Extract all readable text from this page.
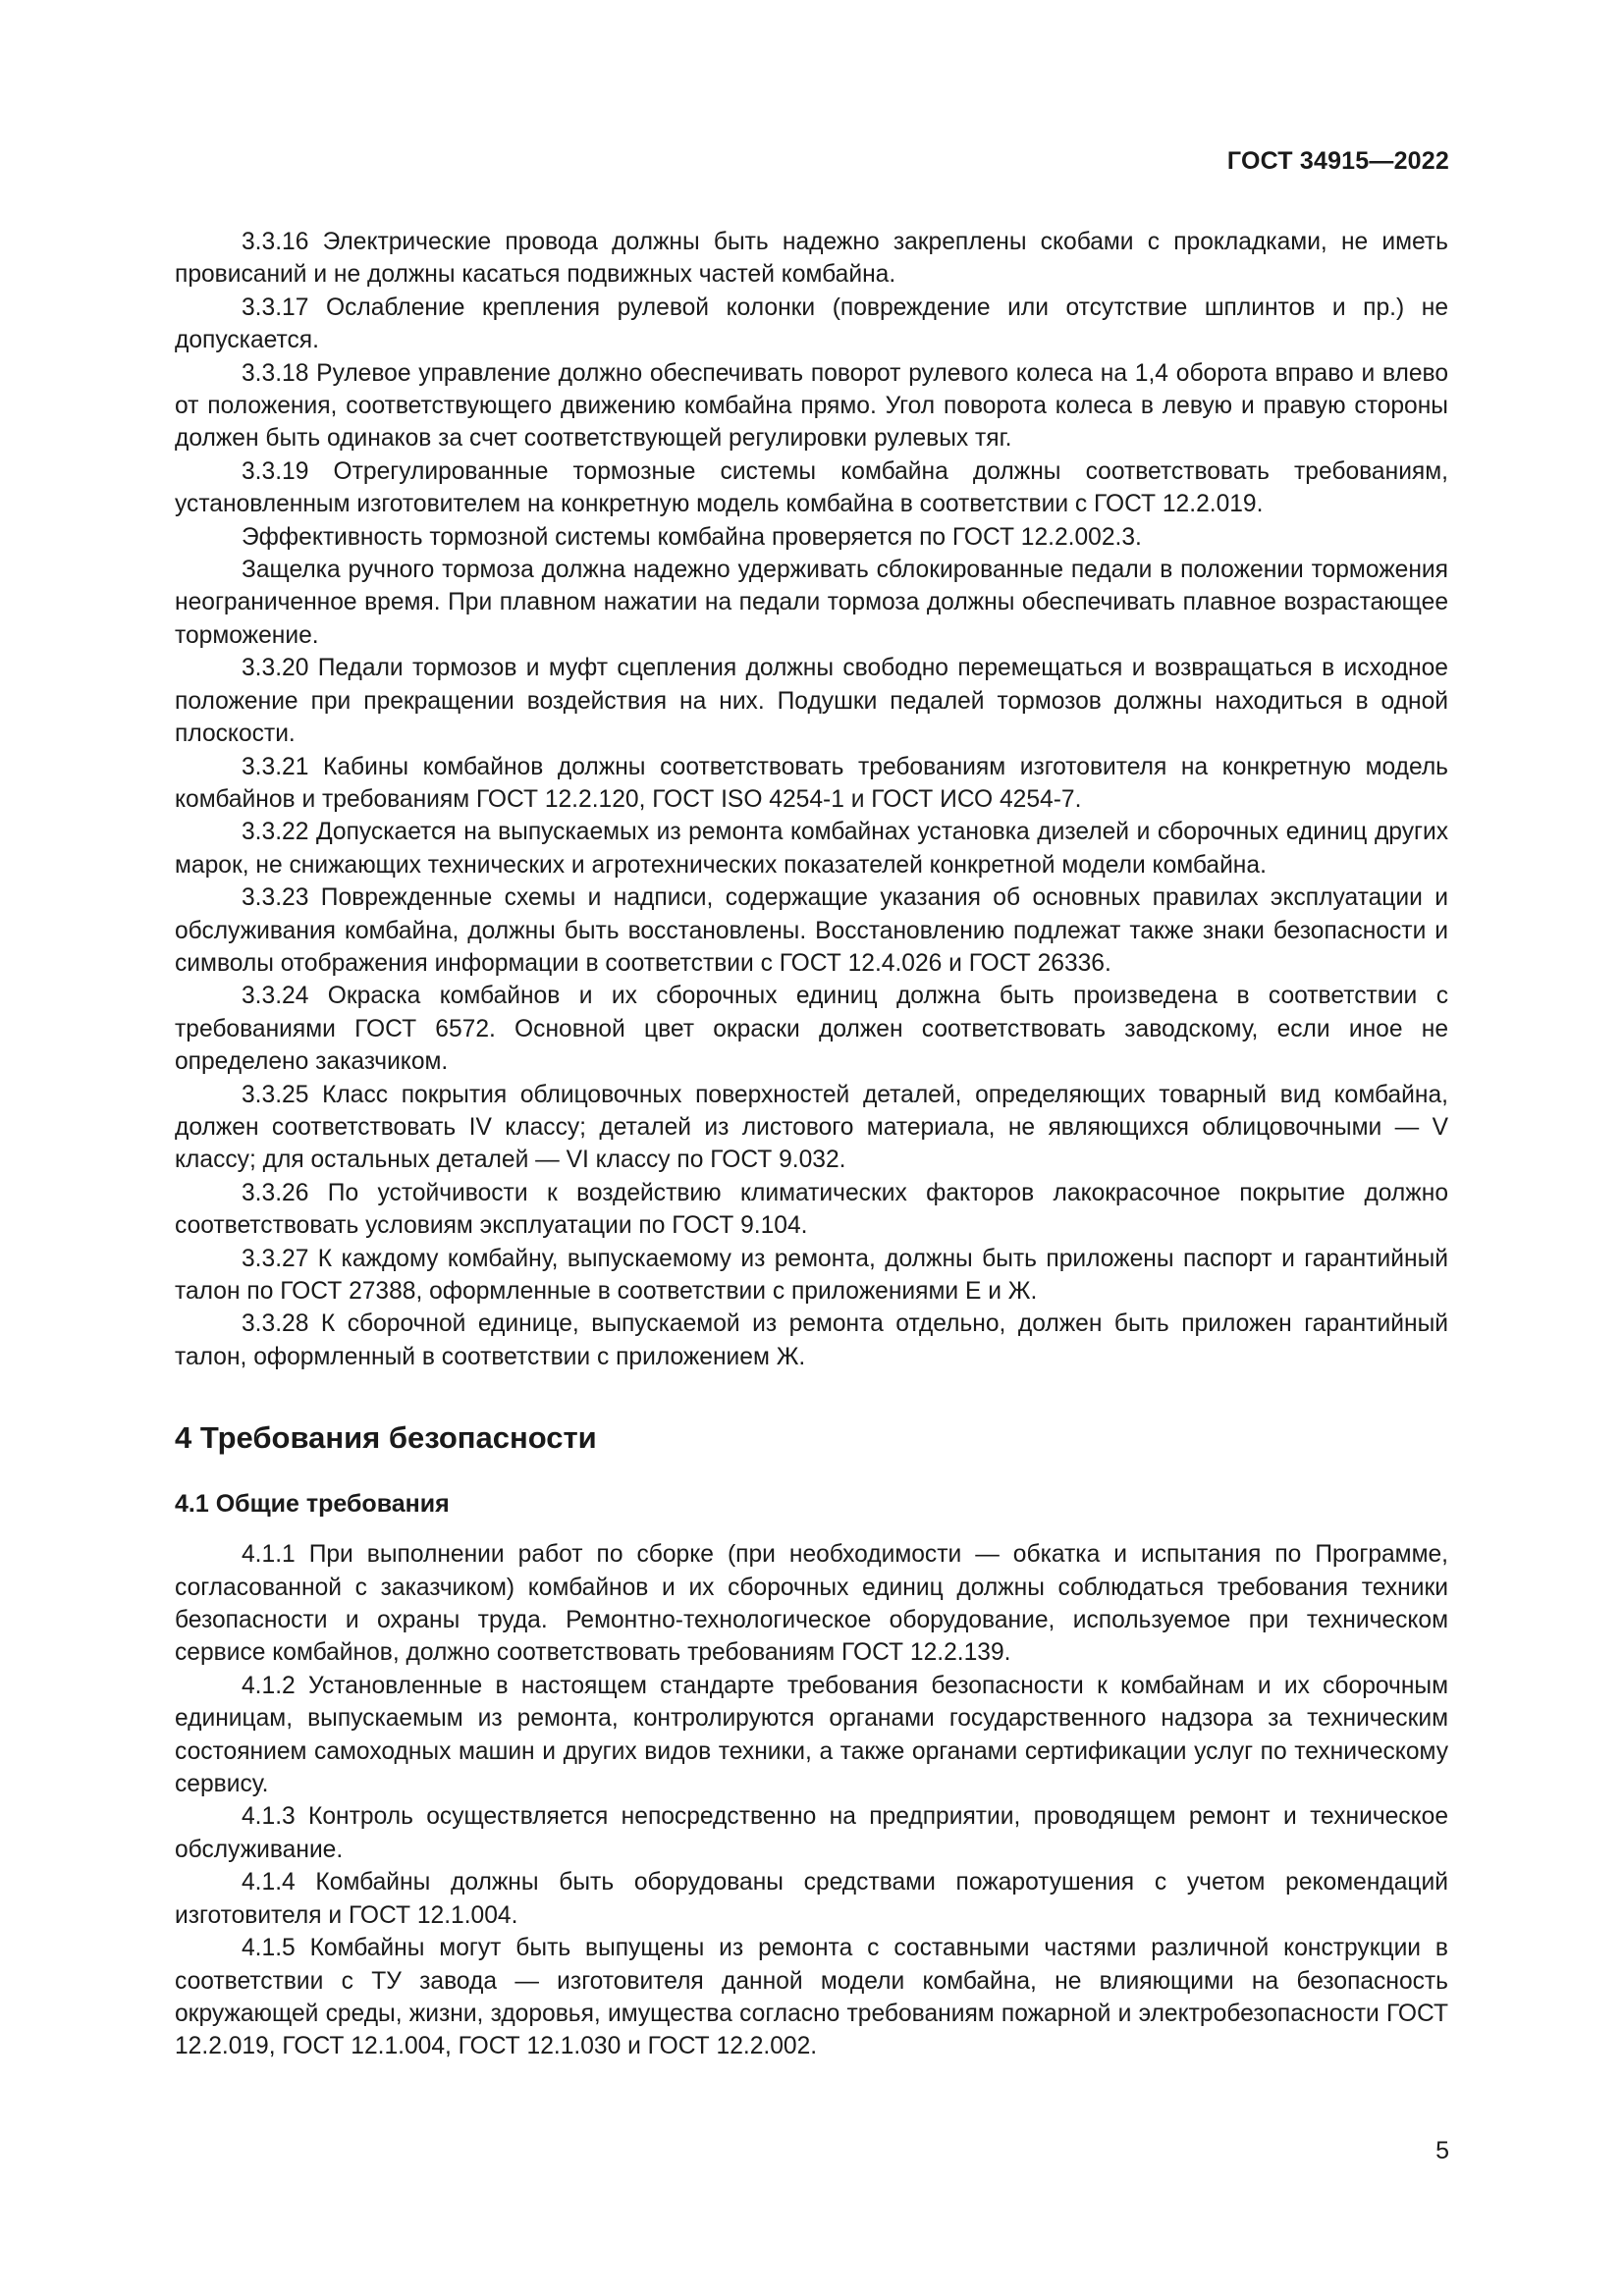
ГОСТ 34915—2022

3.3.16 Электрические провода должны быть надежно закреплены скобами с прокладками, не иметь провисаний и не должны касаться подвижных частей комбайна.

3.3.17 Ослабление крепления рулевой колонки (повреждение или отсутствие шплинтов и пр.) не допускается.

3.3.18 Рулевое управление должно обеспечивать поворот рулевого колеса на 1,4 оборота вправо и влево от положения, соответствующего движению комбайна прямо. Угол поворота колеса в левую и правую стороны должен быть одинаков за счет соответствующей регулировки рулевых тяг.

3.3.19 Отрегулированные тормозные системы комбайна должны соответствовать требованиям, установленным изготовителем на конкретную модель комбайна в соответствии с ГОСТ 12.2.019.

Эффективность тормозной системы комбайна проверяется по ГОСТ 12.2.002.3.

Защелка ручного тормоза должна надежно удерживать сблокированные педали в положении торможения неограниченное время. При плавном нажатии на педали тормоза должны обеспечивать плавное возрастающее торможение.

3.3.20 Педали тормозов и муфт сцепления должны свободно перемещаться и возвращаться в исходное положение при прекращении воздействия на них. Подушки педалей тормозов должны находиться в одной плоскости.

3.3.21 Кабины комбайнов должны соответствовать требованиям изготовителя на конкретную модель комбайнов и требованиям ГОСТ 12.2.120, ГОСТ ISO 4254-1 и ГОСТ ИСО 4254-7.

3.3.22 Допускается на выпускаемых из ремонта комбайнах установка дизелей и сборочных единиц других марок, не снижающих технических и агротехнических показателей конкретной модели комбайна.

3.3.23 Поврежденные схемы и надписи, содержащие указания об основных правилах эксплуатации и обслуживания комбайна, должны быть восстановлены. Восстановлению подлежат также знаки безопасности и символы отображения информации в соответствии с ГОСТ 12.4.026 и ГОСТ 26336.

3.3.24 Окраска комбайнов и их сборочных единиц должна быть произведена в соответствии с требованиями ГОСТ 6572. Основной цвет окраски должен соответствовать заводскому, если иное не определено заказчиком.

3.3.25 Класс покрытия облицовочных поверхностей деталей, определяющих товарный вид комбайна, должен соответствовать IV классу; деталей из листового материала, не являющихся облицовочными — V классу; для остальных деталей — VI классу по ГОСТ 9.032.

3.3.26 По устойчивости к воздействию климатических факторов лакокрасочное покрытие должно соответствовать условиям эксплуатации по ГОСТ 9.104.

3.3.27 К каждому комбайну, выпускаемому из ремонта, должны быть приложены паспорт и гарантийный талон по ГОСТ 27388, оформленные в соответствии с приложениями Е и Ж.

3.3.28 К сборочной единице, выпускаемой из ремонта отдельно, должен быть приложен гарантийный талон, оформленный в соответствии с приложением Ж.

4 Требования безопасности
4.1 Общие требования

4.1.1 При выполнении работ по сборке (при необходимости — обкатка и испытания по Программе, согласованной с заказчиком) комбайнов и их сборочных единиц должны соблюдаться требования техники безопасности и охраны труда. Ремонтно-технологическое оборудование, используемое при техническом сервисе комбайнов, должно соответствовать требованиям ГОСТ 12.2.139.

4.1.2 Установленные в настоящем стандарте требования безопасности к комбайнам и их сборочным единицам, выпускаемым из ремонта, контролируются органами государственного надзора за техническим состоянием самоходных машин и других видов техники, а также органами сертификации услуг по техническому сервису.

4.1.3 Контроль осуществляется непосредственно на предприятии, проводящем ремонт и техническое обслуживание.

4.1.4 Комбайны должны быть оборудованы средствами пожаротушения с учетом рекомендаций изготовителя и ГОСТ 12.1.004.

4.1.5 Комбайны могут быть выпущены из ремонта с составными частями различной конструкции в соответствии с ТУ завода — изготовителя данной модели комбайна, не влияющими на безопасность окружающей среды, жизни, здоровья, имущества согласно требованиям пожарной и электробезопасности ГОСТ 12.2.019, ГОСТ 12.1.004, ГОСТ 12.1.030 и ГОСТ 12.2.002.

5
